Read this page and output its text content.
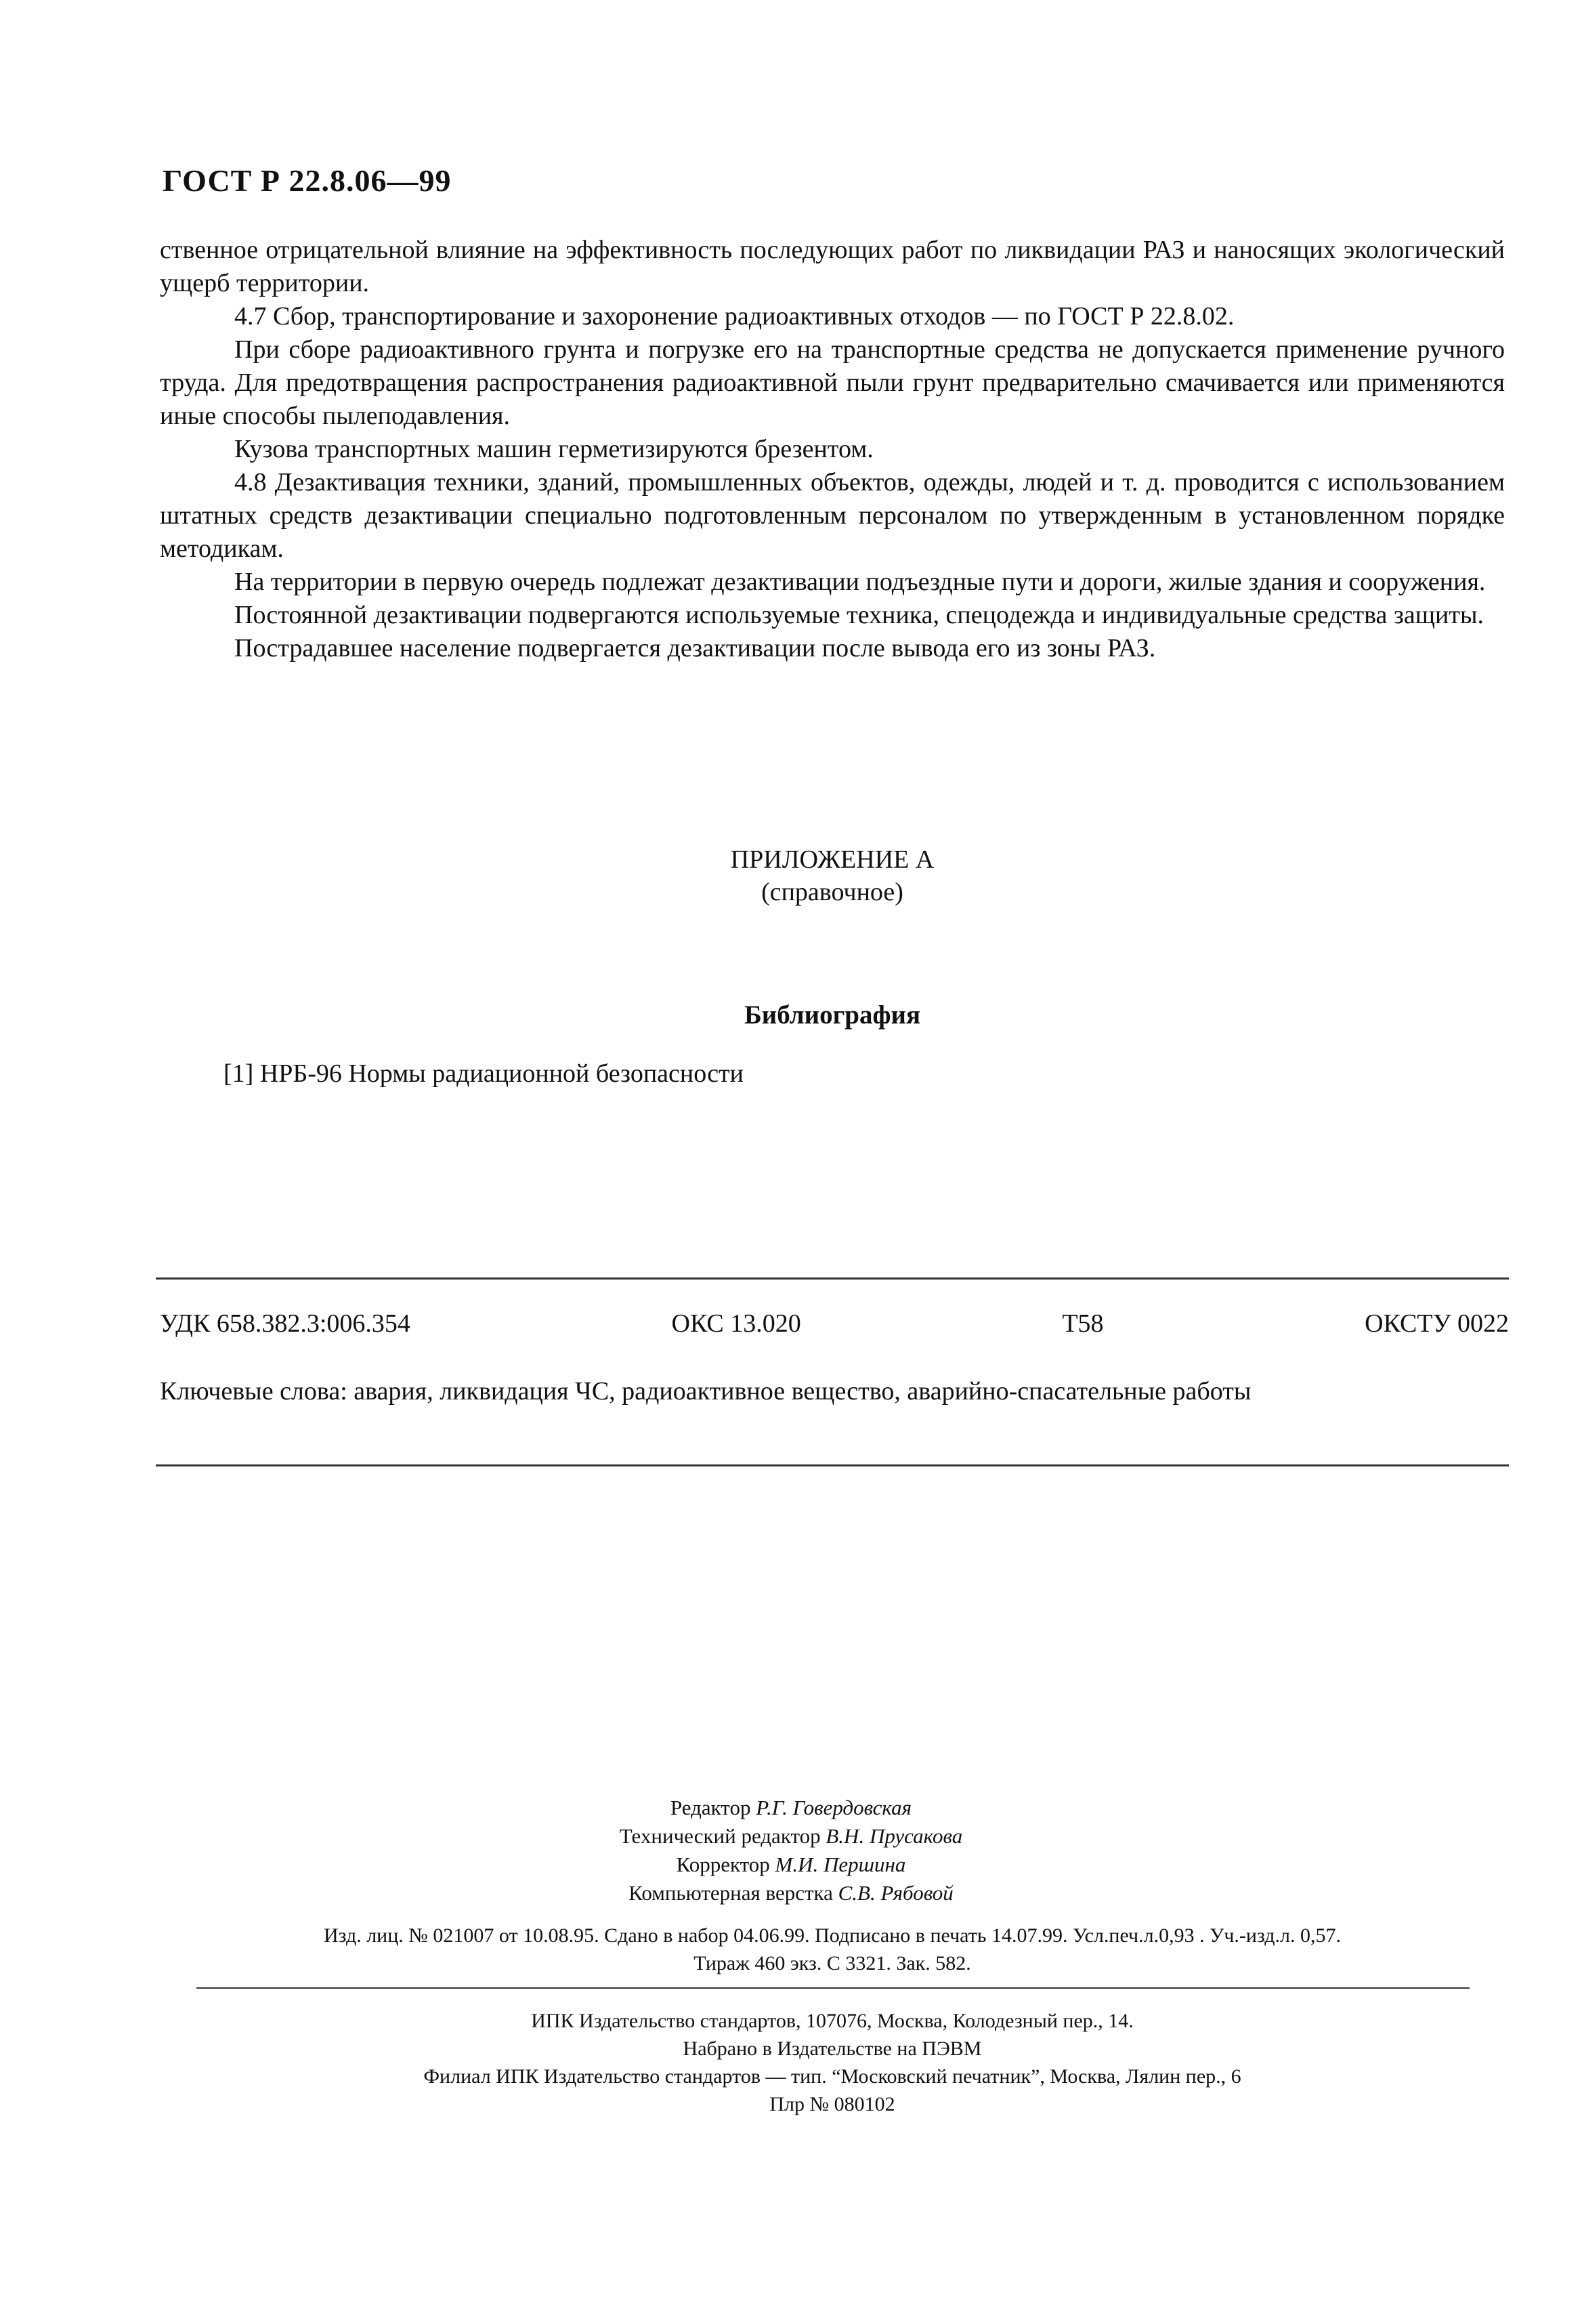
ГОСТ Р 22.8.06—99

ственное отрицательной влияние на эффективность последующих работ по ликвидации РАЗ и наносящих экологический ущерб территории.

4.7 Сбор, транспортирование и захоронение радиоактивных отходов — по ГОСТ Р 22.8.02.

При сборе радиоактивного грунта и погрузке его на транспортные средства не допускается применение ручного труда. Для предотвращения распространения радиоактивной пыли грунт предварительно смачивается или применяются иные способы пылеподавления.

Кузова транспортных машин герметизируются брезентом.

4.8 Дезактивация техники, зданий, промышленных объектов, одежды, людей и т. д. проводится с использованием штатных средств дезактивации специально подготовленным персоналом по утвержденным в установленном порядке методикам.

На территории в первую очередь подлежат дезактивации подъездные пути и дороги, жилые здания и сооружения.

Постоянной дезактивации подвергаются используемые техника, спецодежда и индивидуальные средства защиты.

Пострадавшее население подвергается дезактивации после вывода его из зоны РАЗ.

ПРИЛОЖЕНИЕ А
(справочное)
Библиография
[1] НРБ-96 Нормы радиационной безопасности
УДК 658.382.3:006.354	ОКС 13.020	Т58	ОКСТУ 0022
Ключевые слова: авария, ликвидация ЧС, радиоактивное вещество, аварийно-спасательные работы
Редактор Р.Г. Говердовская
Технический редактор В.Н. Прусакова
Корректор М.И. Першина
Компьютерная верстка С.В. Рябовой
Изд. лиц. № 021007 от 10.08.95. Сдано в набор 04.06.99. Подписано в печать 14.07.99. Усл.печ.л.0,93 . Уч.-изд.л. 0,57.
Тираж 460 экз. С 3321. Зак. 582.
ИПК Издательство стандартов, 107076, Москва, Колодезный пер., 14.
Набрано в Издательстве на ПЭВМ
Филиал ИПК Издательство стандартов — тип. “Московский печатник”, Москва, Лялин пер., 6
Плр № 080102
